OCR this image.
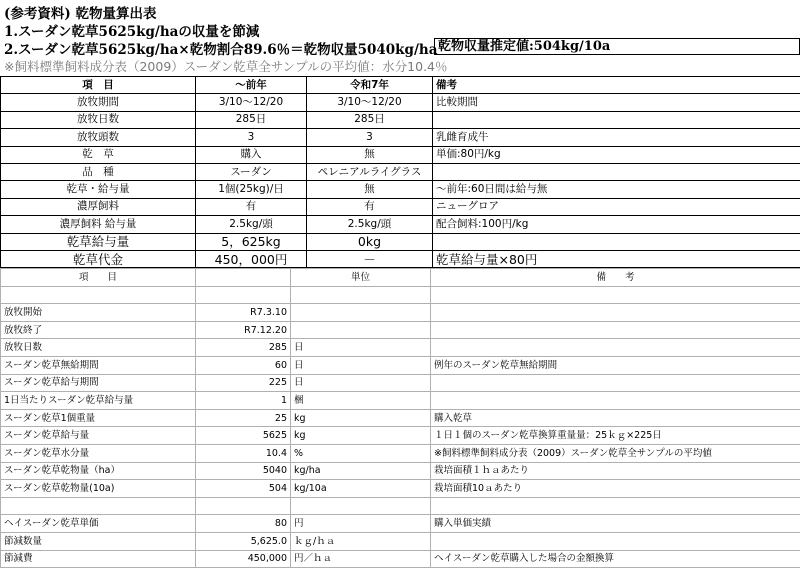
(参考資料) 乾物量算出表
1.スーダン乾草5625kg/haの収量を節減
2.スーダン乾草5625kg/ha×乾物割合89.6％＝乾物収量5040kg/ha
※飼料標準飼料成分表（2009）スーダン乾草全サンプルの平均値：水分10.4％
乾物収量推定値:504kg/10a
項　目	～前年	令和7年	備考
放牧期間	3/10～12/20	3/10～12/20	比較期間
放牧日数	285日	285日	
放牧頭数	3	3	乳雌育成牛
乾　草	購入	無	単価:80円/kg
品　種	スーダン	ペレニアルライグラス	
乾草・給与量	1個(25kg)/日	無	～前年:60日間は給与無
濃厚飼料	有	有	ニューグロア
濃厚飼料 給与量	2.5kg/頭	2.5kg/頭	配合飼料:100円/kg
乾草給与量	5，625kg	0kg	
乾草代金	450，000円	－	乾草給与量×80円
項　　目		単位	備　　考

放牧開始	R7.3.10		
放牧終了	R7.12.20		
放牧日数	285	日	
スーダン乾草無給期間	60	日	例年のスーダン乾草無給期間
スーダン乾草給与期間	225	日	
1日当たりスーダン乾草給与量	1	梱	
スーダン乾草1個重量	25	kg	購入乾草
スーダン乾草給与量	5625	kg	１日１個のスーダン乾草換算重量量：25ｋｇ×225日
スーダン乾草水分量	10.4	%	※飼料標準飼料成分表（2009）スーダン乾草全サンプルの平均値
スーダン乾草乾物量（ha）	5040	kg/ha	栽培面積１ｈａあたり
スーダン乾草乾物量(10a)	504	kg/10a	栽培面積10ａあたり

ヘイスーダン乾草単価	80	円	購入単価実績
節減数量	5,625.0	ｋｇ/ｈａ	
節減費	450,000	円／ｈａ	ヘイスーダン乾草購入した場合の金額換算
